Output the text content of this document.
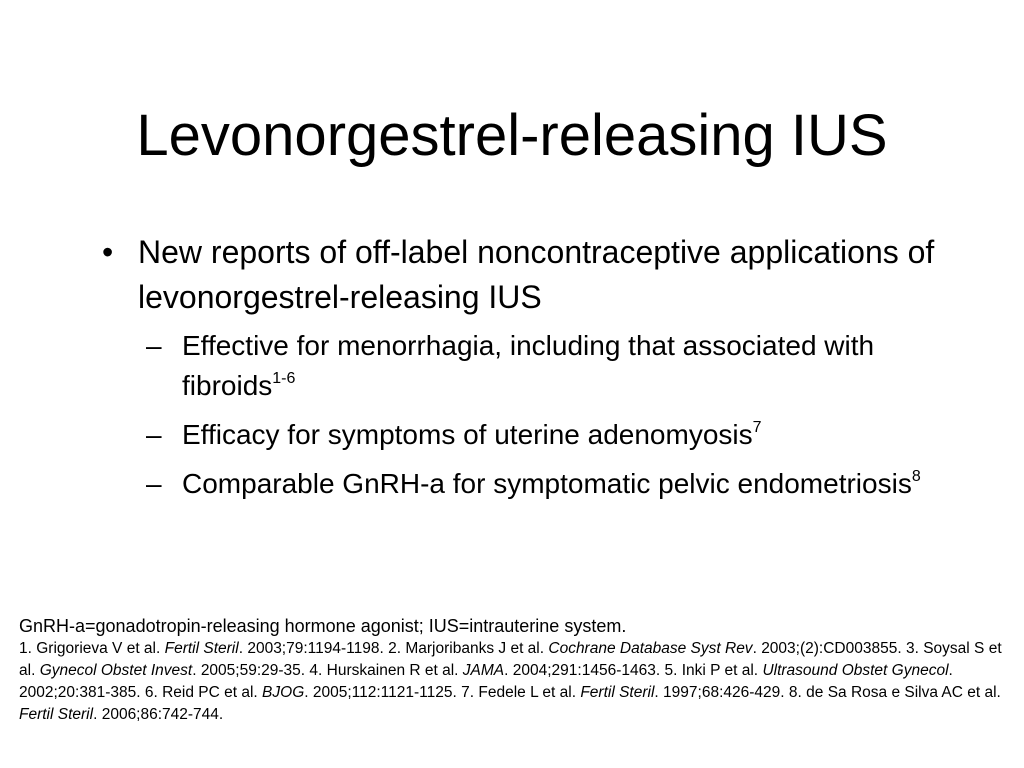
Levonorgestrel-releasing IUS
• New reports of off-label noncontraceptive applications of levonorgestrel-releasing IUS
– Effective for menorrhagia, including that associated with fibroids$^{1-6}$
– Efficacy for symptoms of uterine adenomyosis$^7$
– Comparable GnRH-a for symptomatic pelvic endometriosis$^8$
GnRH-a=gonadotropin-releasing hormone agonist; IUS=intrauterine system.
1. Grigorieva V et al. Fertil Steril. 2003;79:1194-1198. 2. Marjoribanks J et al. Cochrane Database Syst Rev. 2003;(2):CD003855. 3. Soysal S et al. Gynecol Obstet Invest. 2005;59:29-35. 4. Hurskainen R et al. JAMA. 2004;291:1456-1463. 5. Inki P et al. Ultrasound Obstet Gynecol. 2002;20:381-385. 6. Reid PC et al. BJOG. 2005;112:1121-1125. 7. Fedele L et al. Fertil Steril. 1997;68:426-429. 8. de Sa Rosa e Silva AC et al. Fertil Steril. 2006;86:742-744.
